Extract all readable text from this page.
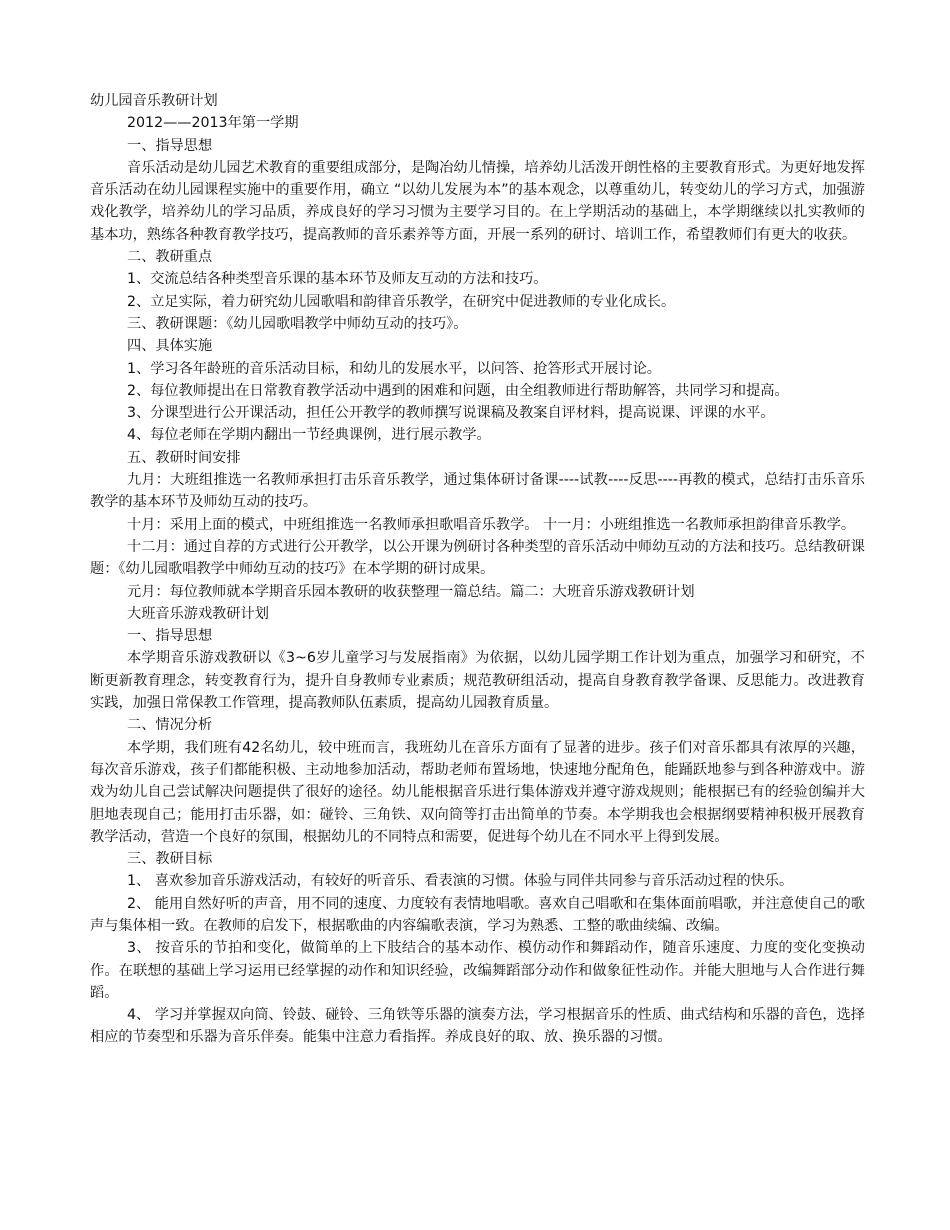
幼儿园音乐教研计划

2012——2013年第一学期

一、指导思想

音乐活动是幼儿园艺术教育的重要组成部分，是陶冶幼儿情操，培养幼儿活泼开朗性格的主要教育形式。为更好地发挥音乐活动在幼儿园课程实施中的重要作用，确立 “以幼儿发展为本”的基本观念，以尊重幼儿，转变幼儿的学习方式，加强游戏化教学，培养幼儿的学习品质，养成良好的学习习惯为主要学习目的。在上学期活动的基础上，本学期继续以扎实教师的基本功，熟练各种教育教学技巧，提高教师的音乐素养等方面，开展一系列的研讨、培训工作，希望教师们有更大的收获。

二、教研重点

1、交流总结各种类型音乐课的基本环节及师友互动的方法和技巧。

2、立足实际，着力研究幼儿园歌唱和韵律音乐教学，在研究中促进教师的专业化成长。

三、教研课题：《幼儿园歌唱教学中师幼互动的技巧》。

四、具体实施

1、学习各年龄班的音乐活动目标，和幼儿的发展水平，以问答、抢答形式开展讨论。

2、每位教师提出在日常教育教学活动中遇到的困难和问题，由全组教师进行帮助解答，共同学习和提高。

3、分课型进行公开课活动，担任公开教学的教师撰写说课稿及教案自评材料，提高说课、评课的水平。

4、每位老师在学期内翻出一节经典课例，进行展示教学。

五、教研时间安排

九月：大班组推选一名教师承担打击乐音乐教学，通过集体研讨备课----试教----反思----再教的模式，总结打击乐音乐教学的基本环节及师幼互动的技巧。

十月：采用上面的模式，中班组推选一名教师承担歌唱音乐教学。 十一月：小班组推选一名教师承担韵律音乐教学。

十二月：通过自荐的方式进行公开教学，以公开课为例研讨各种类型的音乐活动中师幼互动的方法和技巧。总结教研课题：《幼儿园歌唱教学中师幼互动的技巧》在本学期的研讨成果。

元月：每位教师就本学期音乐园本教研的收获整理一篇总结。篇二：大班音乐游戏教研计划

大班音乐游戏教研计划

一、指导思想

本学期音乐游戏教研以《3~6岁儿童学习与发展指南》为依据，以幼儿园学期工作计划为重点，加强学习和研究，不断更新教育理念，转变教育行为，提升自身教师专业素质；规范教研组活动，提高自身教育教学备课、反思能力。改进教育实践，加强日常保教工作管理，提高教师队伍素质，提高幼儿园教育质量。

二、情况分析

本学期，我们班有42名幼儿，较中班而言，我班幼儿在音乐方面有了显著的进步。孩子们对音乐都具有浓厚的兴趣，每次音乐游戏，孩子们都能积极、主动地参加活动，帮助老师布置场地，快速地分配角色，能踊跃地参与到各种游戏中。游戏为幼儿自己尝试解决问题提供了很好的途径。幼儿能根据音乐进行集体游戏并遵守游戏规则；能根据已有的经验创编并大胆地表现自己；能用打击乐器，如：碰铃、三角铁、双向筒等打击出简单的节奏。本学期我也会根据纲要精神积极开展教育教学活动，营造一个良好的氛围，根据幼儿的不同特点和需要，促进每个幼儿在不同水平上得到发展。

三、教研目标

1、 喜欢参加音乐游戏活动，有较好的听音乐、看表演的习惯。体验与同伴共同参与音乐活动过程的快乐。

2、 能用自然好听的声音，用不同的速度、力度较有表情地唱歌。喜欢自己唱歌和在集体面前唱歌，并注意使自己的歌声与集体相一致。在教师的启发下，根据歌曲的内容编歌表演，学习为熟悉、工整的歌曲续编、改编。

3、 按音乐的节拍和变化，做简单的上下肢结合的基本动作、模仿动作和舞蹈动作，随音乐速度、力度的变化变换动作。在联想的基础上学习运用已经掌握的动作和知识经验，改编舞蹈部分动作和做象征性动作。并能大胆地与人合作进行舞蹈。

4、 学习并掌握双向筒、铃鼓、碰铃、三角铁等乐器的演奏方法，学习根据音乐的性质、曲式结构和乐器的音色，选择相应的节奏型和乐器为音乐伴奏。能集中注意力看指挥。养成良好的取、放、换乐器的习惯。
